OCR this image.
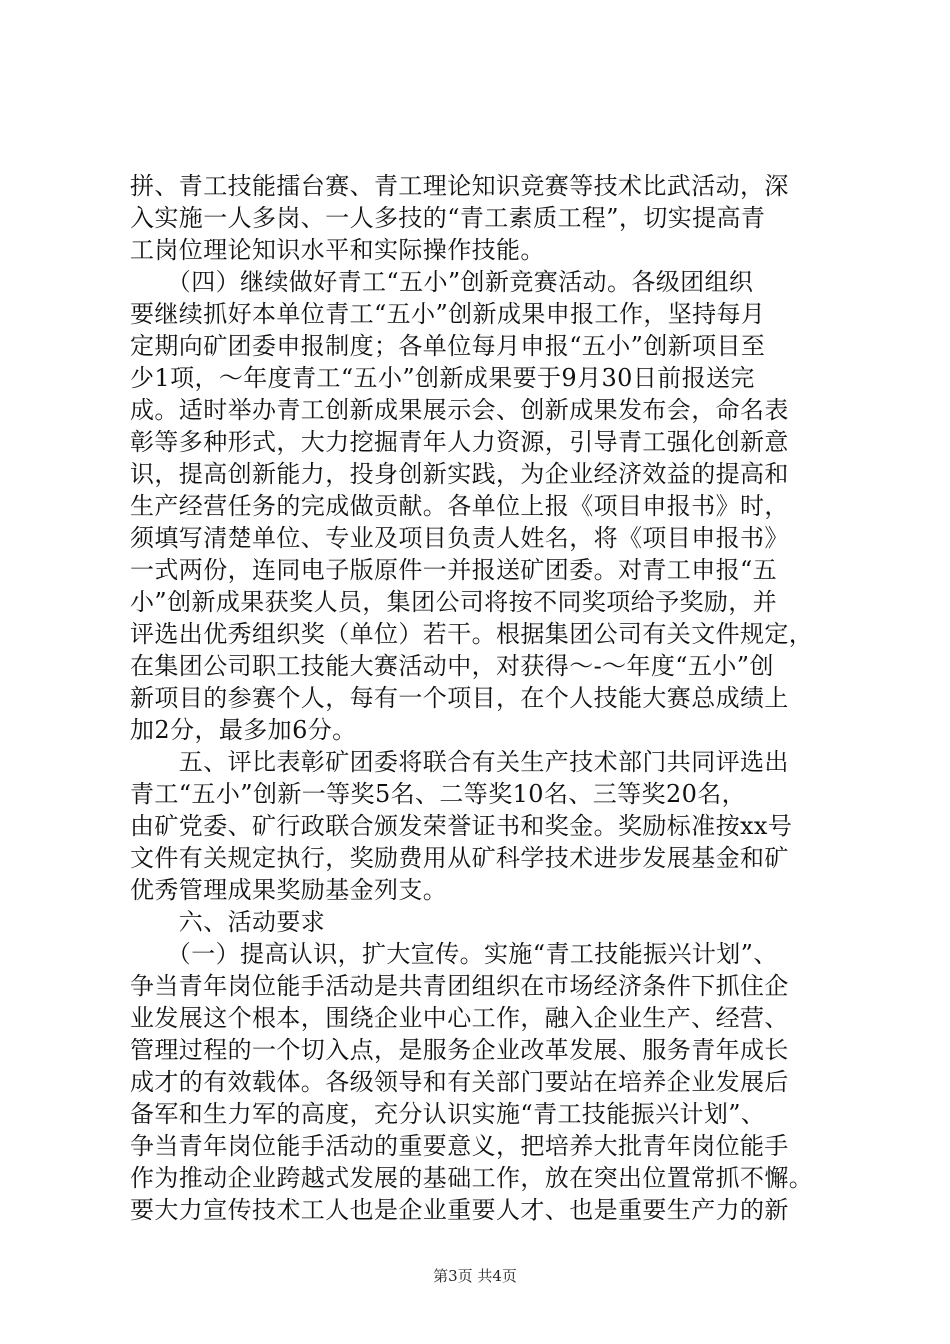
拼、青工技能擂台赛、青工理论知识竞赛等技术比武活动，深
入实施一人多岗、一人多技的“青工素质工程”，切实提高青
工岗位理论知识水平和实际操作技能。
　　（四）继续做好青工“五小”创新竞赛活动。各级团组织
要继续抓好本单位青工“五小”创新成果申报工作，坚持每月
定期向矿团委申报制度；各单位每月申报“五小”创新项目至
少1项，～年度青工“五小”创新成果要于9月30日前报送完
成。适时举办青工创新成果展示会、创新成果发布会，命名表
彰等多种形式，大力挖掘青年人力资源，引导青工强化创新意
识，提高创新能力，投身创新实践，为企业经济效益的提高和
生产经营任务的完成做贡献。各单位上报《项目申报书》时，
须填写清楚单位、专业及项目负责人姓名，将《项目申报书》
一式两份，连同电子版原件一并报送矿团委。对青工申报“五
小”创新成果获奖人员，集团公司将按不同奖项给予奖励，并
评选出优秀组织奖（单位）若干。根据集团公司有关文件规定，
在集团公司职工技能大赛活动中，对获得～-～年度“五小”创
新项目的参赛个人，每有一个项目，在个人技能大赛总成绩上
加2分，最多加6分。
　　五、评比表彰矿团委将联合有关生产技术部门共同评选出
青工“五小”创新一等奖5名、二等奖10名、三等奖20名，
由矿党委、矿行政联合颁发荣誉证书和奖金。奖励标准按xx号
文件有关规定执行，奖励费用从矿科学技术进步发展基金和矿
优秀管理成果奖励基金列支。
　　六、活动要求
　　（一）提高认识，扩大宣传。实施“青工技能振兴计划”、
争当青年岗位能手活动是共青团组织在市场经济条件下抓住企
业发展这个根本，围绕企业中心工作，融入企业生产、经营、
管理过程的一个切入点，是服务企业改革发展、服务青年成长
成才的有效载体。各级领导和有关部门要站在培养企业发展后
备军和生力军的高度，充分认识实施“青工技能振兴计划”、
争当青年岗位能手活动的重要意义，把培养大批青年岗位能手
作为推动企业跨越式发展的基础工作，放在突出位置常抓不懈。
要大力宣传技术工人也是企业重要人才、也是重要生产力的新
第3页 共4页
